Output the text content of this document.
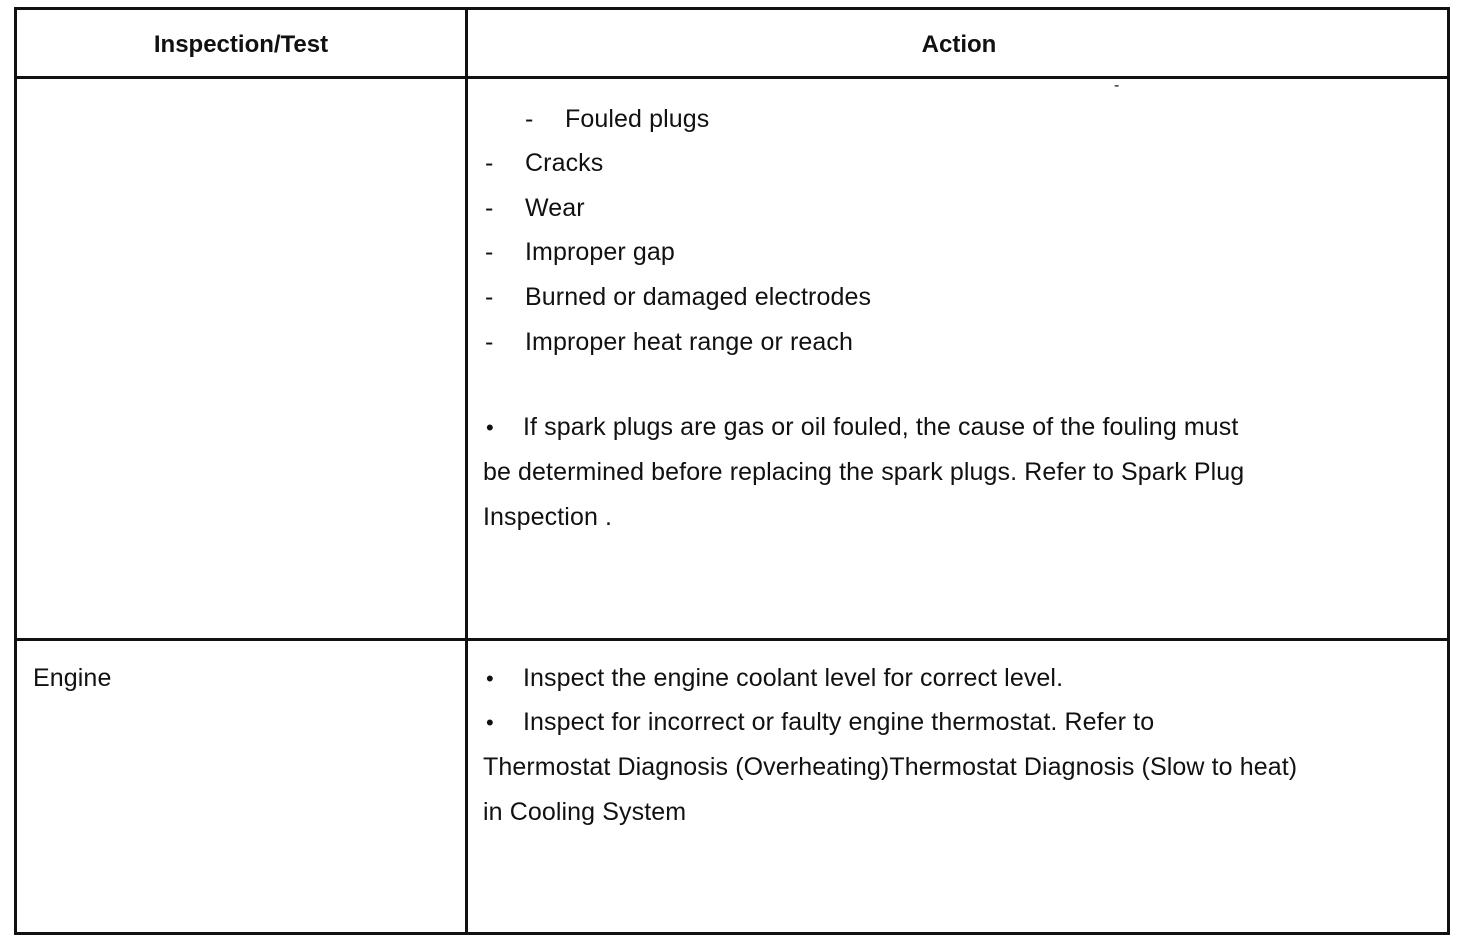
Inspection/Test	Action
-
- Fouled plugs
- Cracks
- Wear
- Improper gap
- Burned or damaged electrodes
- Improper heat range or reach
• If spark plugs are gas or oil fouled, the cause of the fouling must
be determined before replacing the spark plugs. Refer to Spark Plug
Inspection .
Engine	• Inspect the engine coolant level for correct level.
• Inspect for incorrect or faulty engine thermostat. Refer to
Thermostat Diagnosis (Overheating)Thermostat Diagnosis (Slow to heat)
in Cooling System
